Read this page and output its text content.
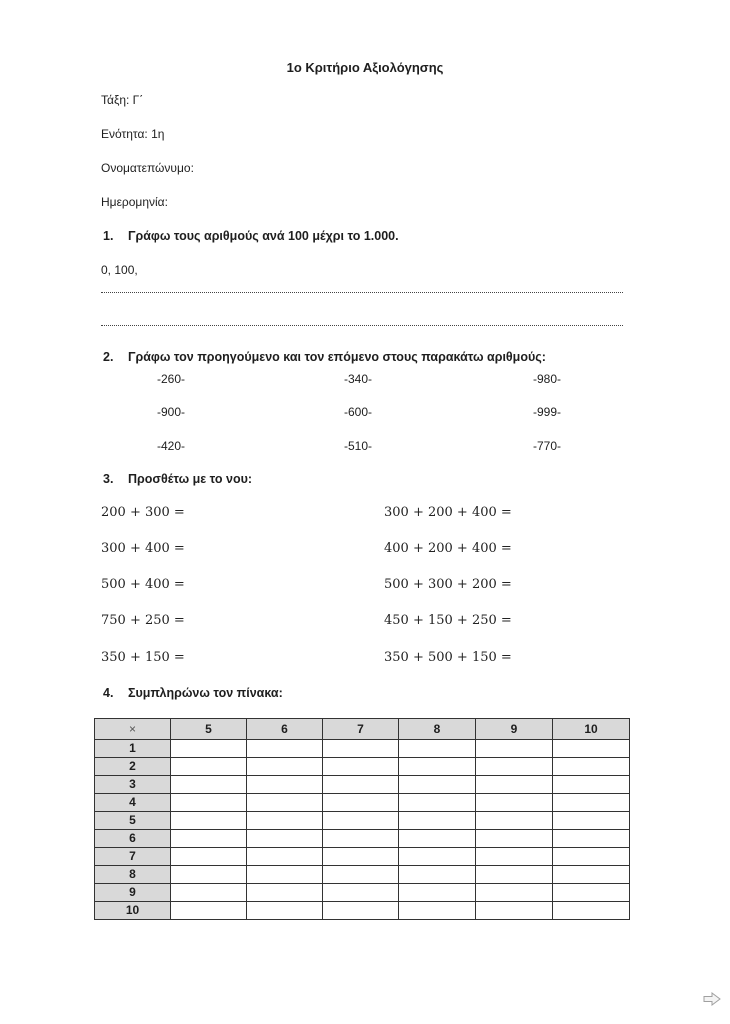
1ο Κριτήριο Αξιολόγησης
Τάξη: Γ΄
Ενότητα: 1η
Ονοματεπώνυμο:
Ημερομηνία:
1. Γράφω τους αριθμούς ανά 100 μέχρι το 1.000.
0, 100,
2. Γράφω τον προηγούμενο και τον επόμενο στους παρακάτω αριθμούς:
-260-	-340-	-980-
-900-	-600-	-999-
-420-	-510-	-770-
3. Προσθέτω με το νου:
200 + 300 =
300 + 400 =
500 + 400 =
750 + 250 =
350 + 150 =
300 + 200 + 400 =
400 + 200 + 400 =
500 + 300 + 200 =
450 + 150 + 250 =
350 + 500 + 150 =
4. Συμπληρώνω τον πίνακα:
×	5	6	7	8	9	10
1						
2						
3						
4						
5						
6						
7						
8						
9						
10						
